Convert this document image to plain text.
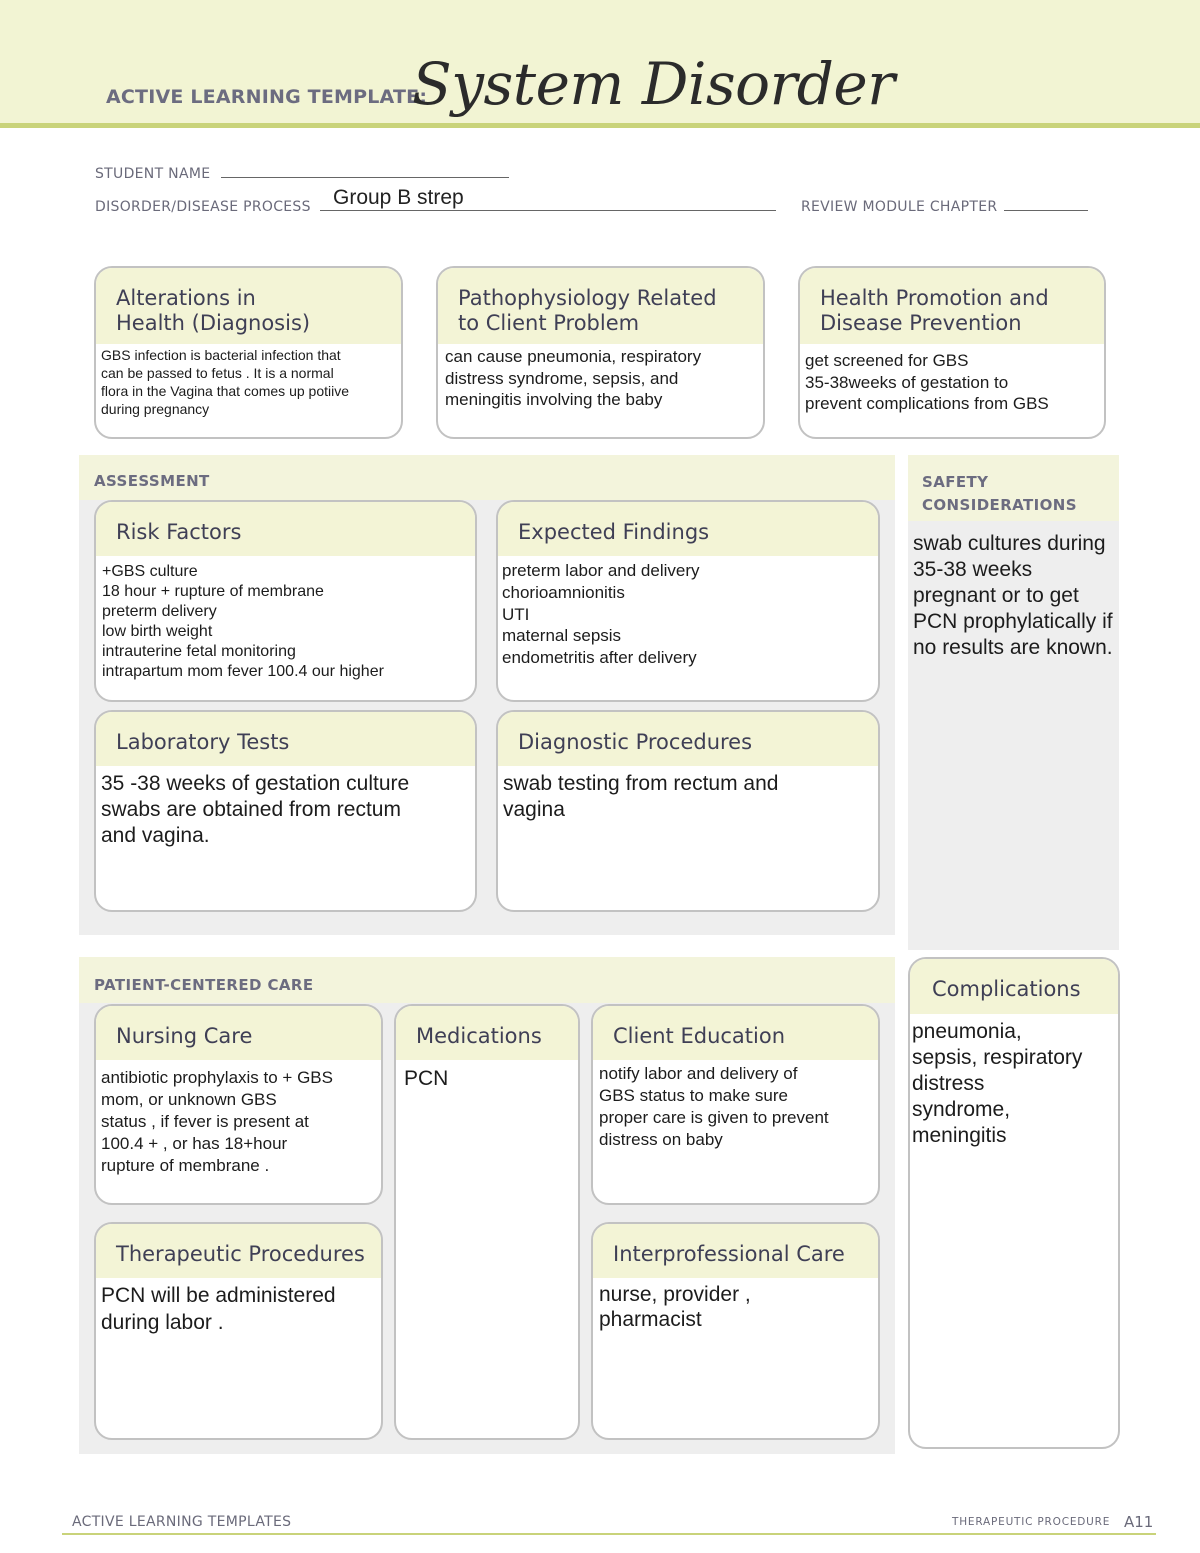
ACTIVE LEARNING TEMPLATE:
System Disorder
STUDENT NAME
DISORDER/DISEASE PROCESS	Group B strep	REVIEW MODULE CHAPTER
Alterations in
Health (Diagnosis)
GBS infection is bacterial infection that
can be passed to fetus . It is a normal
flora in the Vagina that comes up potiive
during pregnancy
Pathophysiology Related
to Client Problem
can cause pneumonia, respiratory
distress syndrome, sepsis, and
meningitis involving the baby
Health Promotion and
Disease Prevention
get screened for GBS
35-38weeks of gestation to
prevent complications from GBS
ASSESSMENT
Risk Factors
+GBS culture
18 hour + rupture of membrane
preterm delivery
low birth weight
intrauterine fetal monitoring
intrapartum mom fever 100.4 our higher
Expected Findings
preterm labor and delivery
chorioamnionitis
UTI
maternal sepsis
endometritis after delivery
Laboratory Tests
35 -38 weeks of gestation culture
swabs are obtained from rectum
and vagina.
Diagnostic Procedures
swab testing from rectum and
vagina
SAFETY
CONSIDERATIONS
swab cultures during 35-38 weeks pregnant or to get PCN prophylatically if no results are known.
PATIENT-CENTERED CARE
Nursing Care
antibiotic prophylaxis to + GBS
mom, or unknown GBS
status , if fever is present at
100.4 + , or has 18+hour
rupture of membrane .
Medications
PCN
Client Education
notify labor and delivery of
GBS status to make sure
proper care is given to prevent
distress on baby
Therapeutic Procedures
PCN will be administered
during labor .
Interprofessional Care
nurse, provider ,
pharmacist
Complications
pneumonia,
sepsis, respiratory
distress
syndrome,
meningitis
ACTIVE LEARNING TEMPLATES	THERAPEUTIC PROCEDURE A11
